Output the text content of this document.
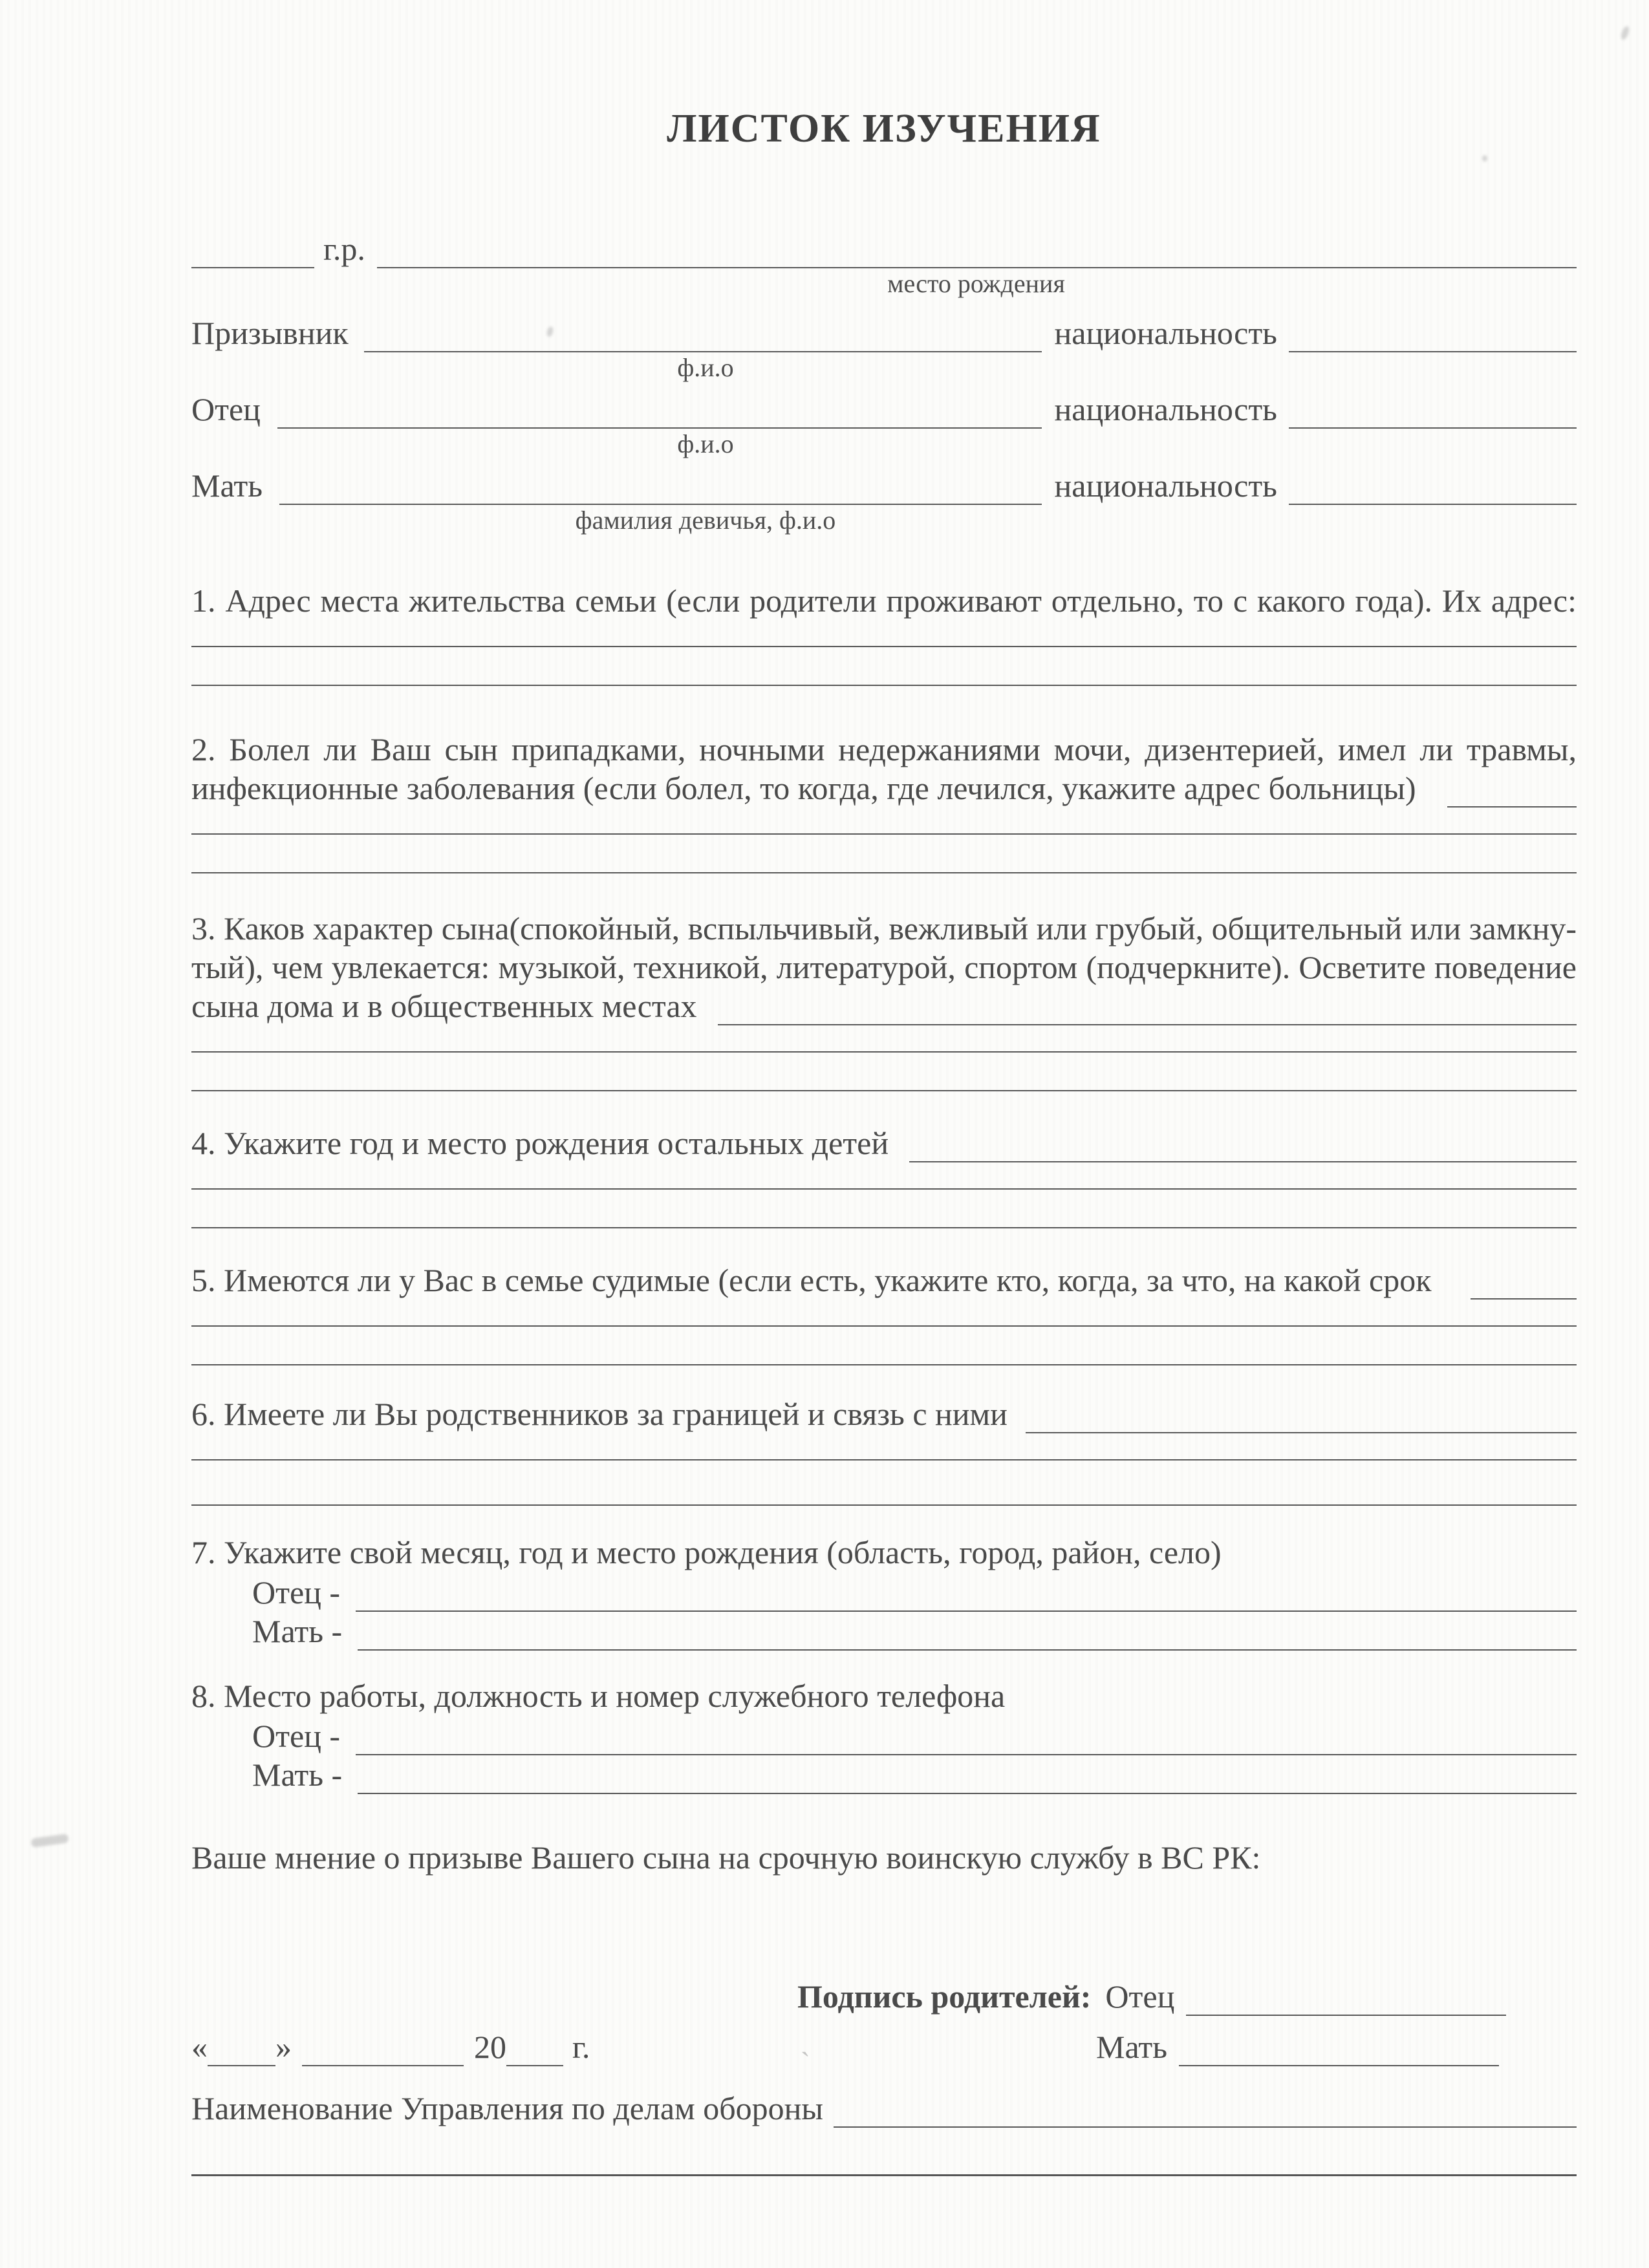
ЛИСТОК ИЗУЧЕНИЯ
г.р.
место рождения
Призывник	национальность
ф.и.о
Отец	национальность
ф.и.о
Мать	национальность
фамилия девичья, ф.и.о
1. Адрес места жительства семьи (если родители проживают отдельно, то с какого года). Их адрес:
2. Болел ли Ваш сын припадками, ночными недержаниями мочи, дизентерией, имел ли травмы,
инфекционные заболевания (если болел, то когда, где лечился, укажите адрес больницы)
3. Каков характер сына(спокойный, вспыльчивый, вежливый или грубый, общительный или замкну-
тый), чем увлекается: музыкой, техникой, литературой, спортом (подчеркните). Осветите поведение
сына дома и в общественных местах
4. Укажите год и место рождения остальных детей
5. Имеются ли у Вас в семье судимые (если есть, укажите кто, когда, за что, на какой срок
6. Имеете ли Вы родственников за границей и связь с ними
7. Укажите свой месяц, год и место рождения (область, город, район, село)
Отец -
Мать -
8. Место работы, должность и номер служебного телефона
Отец -
Мать -
Ваше мнение о призыве Вашего сына на срочную воинскую службу в ВС РК:
« »	20 г.
Подпись родителей: Отец
Мать
Наименование Управления по делам обороны
`
